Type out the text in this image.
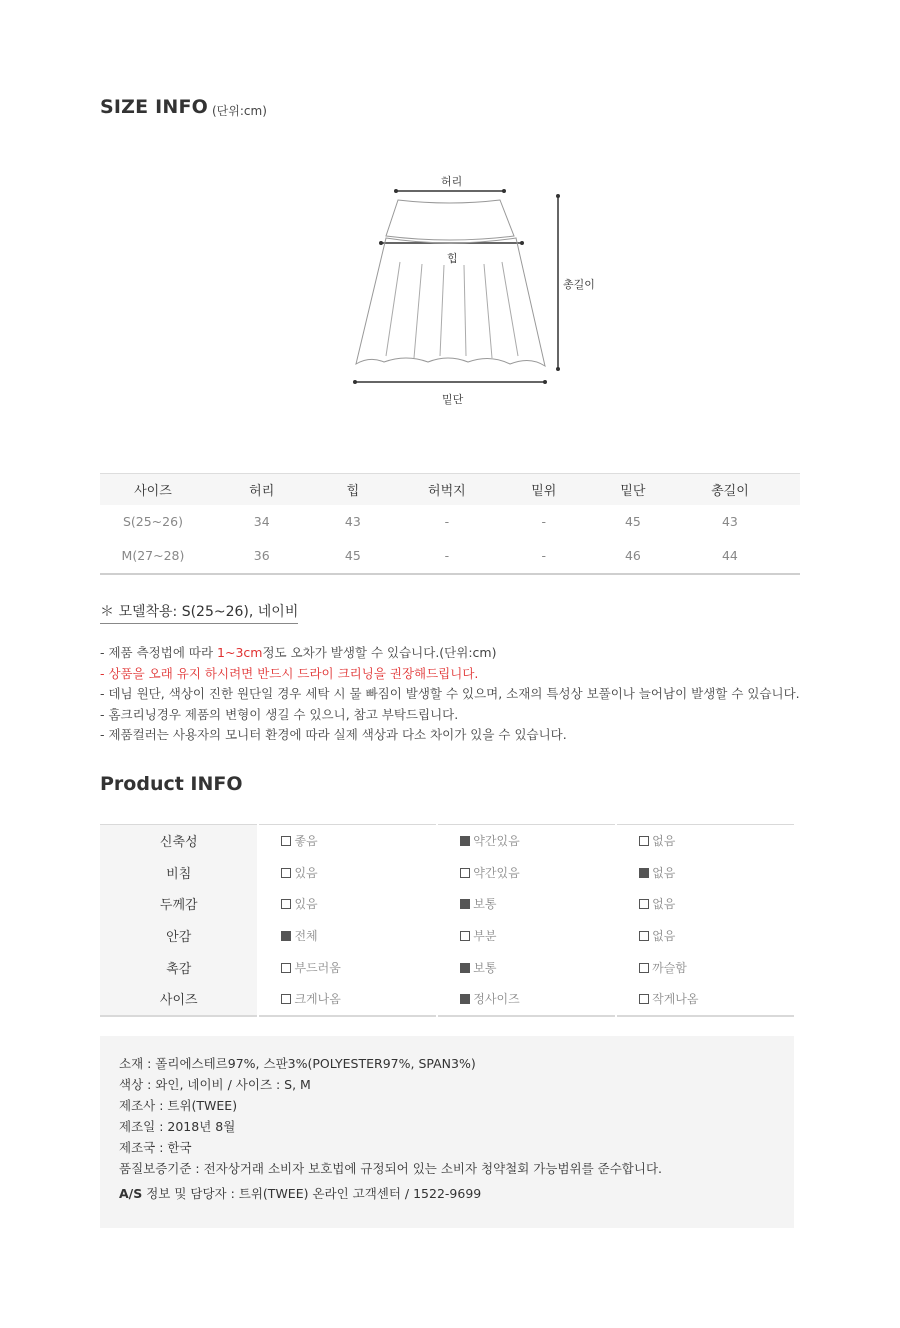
SIZE INFO (단위:cm)
허리
힙
총길이
밑단
사이즈	허리	힙	허벅지	밑위	밑단	총길이
S(25~26)	34	43	-	-	45	43
M(27~28)	36	45	-	-	46	44
＊ 모델착용: S(25~26), 네이비
- 제품 측정법에 따라 1~3cm정도 오차가 발생할 수 있습니다.(단위:cm)
- 상품을 오래 유지 하시려면 반드시 드라이 크리닝을 권장해드립니다.
- 데님 원단, 색상이 진한 원단일 경우 세탁 시 물 빠짐이 발생할 수 있으며, 소재의 특성상 보풀이나 늘어남이 발생할 수 있습니다.
- 홈크리닝경우 제품의 변형이 생길 수 있으니, 참고 부탁드립니다.
- 제품컬러는 사용자의 모니터 환경에 따라 실제 색상과 다소 차이가 있을 수 있습니다.
Product INFO
신축성	좋음	약간있음	없음
비침	있음	약간있음	없음
두께감	있음	보통	없음
안감	전체	부분	없음
촉감	부드러움	보통	까슬함
사이즈	크게나옴	정사이즈	작게나옴
소재 : 폴리에스테르97%, 스판3%(POLYESTER97%, SPAN3%)
색상 : 와인, 네이비 / 사이즈 : S, M
제조사 : 트위(TWEE)
제조일 : 2018년 8월
제조국 : 한국
품질보증기준 : 전자상거래 소비자 보호법에 규정되어 있는 소비자 청약철회 가능범위를 준수합니다.
A/S 정보 및 담당자 : 트위(TWEE) 온라인 고객센터 / 1522-9699
